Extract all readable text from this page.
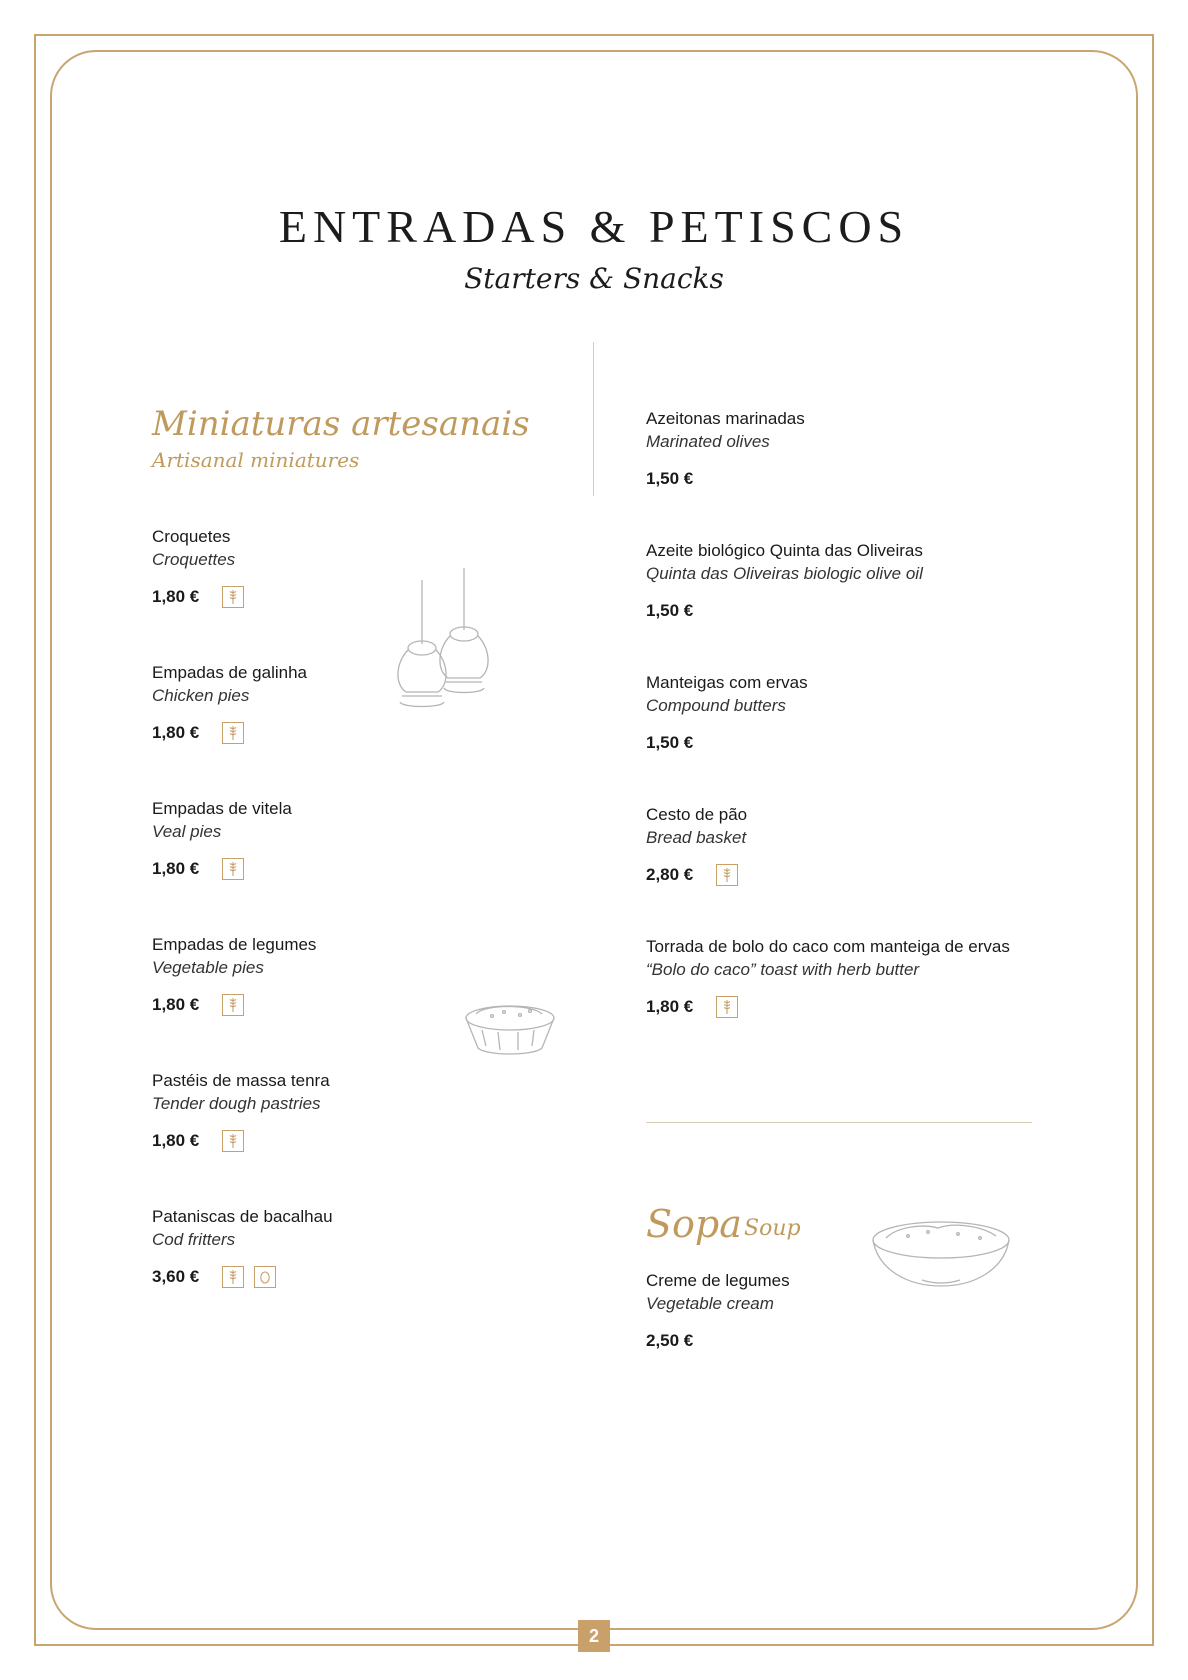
ENTRADAS & PETISCOS
Starters & Snacks
Miniaturas artesanais
Artisanal miniatures
Croquetes
Croquettes
1,80 €
Empadas de galinha
Chicken pies
1,80 €
Empadas de vitela
Veal pies
1,80 €
Empadas de legumes
Vegetable pies
1,80 €
Pastéis de massa tenra
Tender dough pastries
1,80 €
Pataniscas de bacalhau
Cod fritters
3,60 €
Azeitonas marinadas
Marinated olives
1,50 €
Azeite biológico Quinta das Oliveiras
Quinta das Oliveiras biologic olive oil
1,50 €
Manteigas com ervas
Compound butters
1,50 €
Cesto de pão
Bread basket
2,80 €
Torrada de bolo do caco com manteiga de ervas
“Bolo do caco” toast with herb butter
1,80 €
Sopa Soup
Creme de legumes
Vegetable cream
2,50 €
2
